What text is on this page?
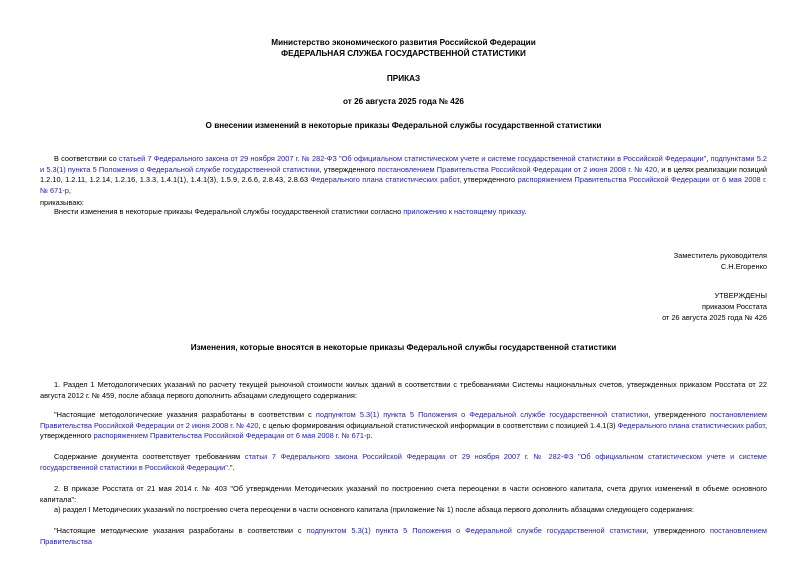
Министерство экономического развития Российской Федерации
ФЕДЕРАЛЬНАЯ СЛУЖБА ГОСУДАРСТВЕННОЙ СТАТИСТИКИ
ПРИКАЗ
от 26 августа 2025 года № 426
О внесении изменений в некоторые приказы Федеральной службы государственной статистики
В соответствии со статьей 7 Федерального закона от 29 ноября 2007 г. № 282-ФЗ "Об официальном статистическом учете и системе государственной статистики в Российской Федерации", подпунктами 5.2 и 5.3(1) пункта 5 Положения о Федеральной службе государственной статистики, утвержденного постановлением Правительства Российской Федерации от 2 июня 2008 г. № 420, и в целях реализации позиций 1.2.10, 1.2.11, 1.2.14, 1.2.16, 1.3.3, 1.4.1(1), 1.4.1(3), 1.5.9, 2.6.6, 2.8.43, 2.8.63 Федерального плана статистических работ, утвержденного распоряжением Правительства Российской Федерации от 6 мая 2008 г. № 671-р,
приказываю:
Внести изменения в некоторые приказы Федеральной службы государственной статистики согласно приложению к настоящему приказу.
Заместитель руководителя
С.Н.Егоренко
УТВЕРЖДЕНЫ
приказом Росстата
от 26 августа 2025 года № 426
Изменения, которые вносятся в некоторые приказы Федеральной службы государственной статистики
1. Раздел 1 Методологических указаний по расчету текущей рыночной стоимости жилых зданий в соответствии с требованиями Системы национальных счетов, утвержденных приказом Росстата от 22 августа 2012 г. № 459, после абзаца первого дополнить абзацами следующего содержания:
"Настоящие методологические указания разработаны в соответствии с подпунктом 5.3(1) пункта 5 Положения о Федеральной службе государственной статистики, утвержденного постановлением Правительства Российской Федерации от 2 июня 2008 г. № 420, с целью формирования официальной статистической информации в соответствии с позицией 1.4.1(3) Федерального плана статистических работ, утвержденного распоряжением Правительства Российской Федерации от 6 мая 2008 г. № 671-р.
Содержание документа соответствует требованиям статьи 7 Федерального закона Российской Федерации от 29 ноября 2007 г. № 282-ФЗ "Об официальном статистическом учете и системе государственной статистики в Российской Федерации".".
2. В приказе Росстата от 21 мая 2014 г. № 403 "Об утверждении Методических указаний по построению счета переоценки в части основного капитала, счета других изменений в объеме основного капитала":
а) раздел I Методических указаний по построению счета переоценки в части основного капитала (приложение № 1) после абзаца первого дополнить абзацами следующего содержания:
"Настоящие методические указания разработаны в соответствии с подпунктом 5.3(1) пункта 5 Положения о Федеральной службе государственной статистики, утвержденного постановлением Правительства
